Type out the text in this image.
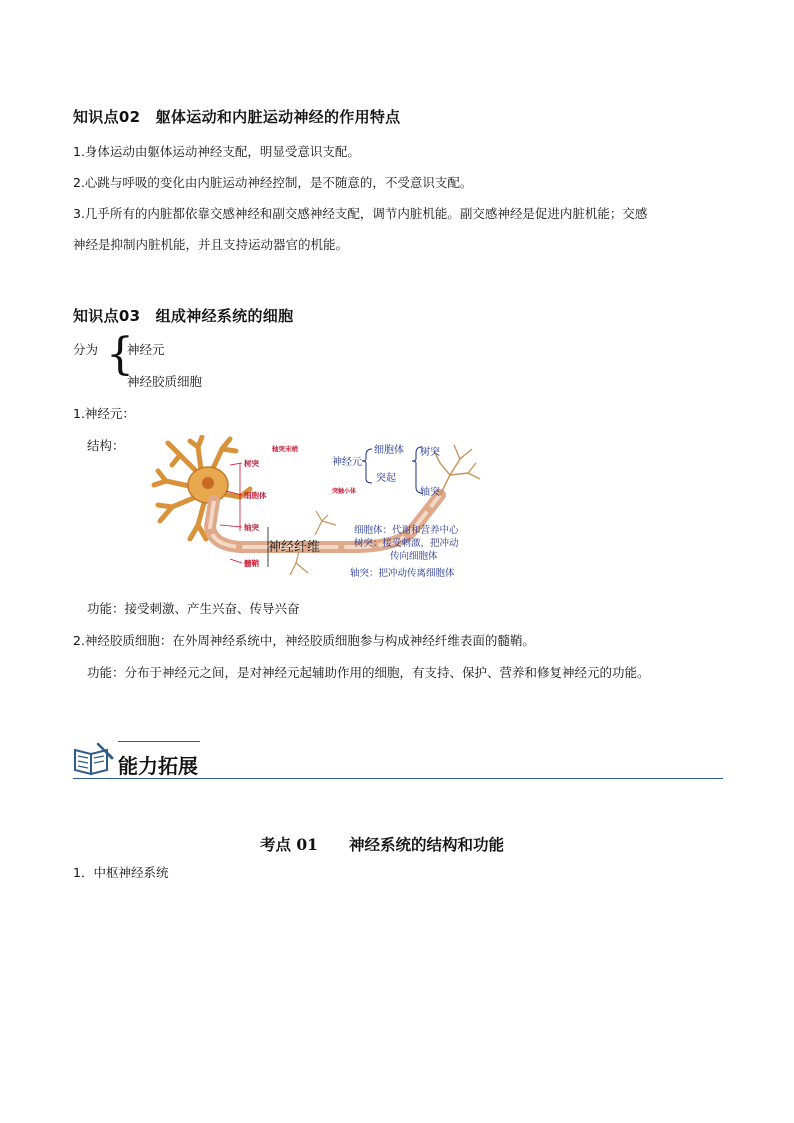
知识点02　躯体运动和内脏运动神经的作用特点
1.身体运动由躯体运动神经支配，明显受意识支配。
2.心跳与呼吸的变化由内脏运动神经控制，是不随意的，不受意识支配。
3.几乎所有的内脏都依靠交感神经和副交感神经支配，调节内脏机能。副交感神经是促进内脏机能；交感
神经是抑制内脏机能，并且支持运动器官的机能。
知识点03　组成神经系统的细胞
分为 {
神经元
神经胶质细胞
1.神经元：
结构：
树突
细胞体
轴突
髓鞘
轴突末梢
突触小体
神经纤维
神经元
细胞体
突起
树突
轴突
细胞体：代谢和营养中心
树突：接受刺激，把冲动
传向细胞体
轴突：把冲动传离细胞体
功能：接受刺激、产生兴奋、传导兴奋
2.神经胶质细胞：在外周神经系统中，神经胶质细胞参与构成神经纤维表面的髓鞘。
功能：分布于神经元之间，是对神经元起辅助作用的细胞，有支持、保护、营养和修复神经元的功能。
能力拓展
考点 01　　神经系统的结构和功能
1．中枢神经系统
